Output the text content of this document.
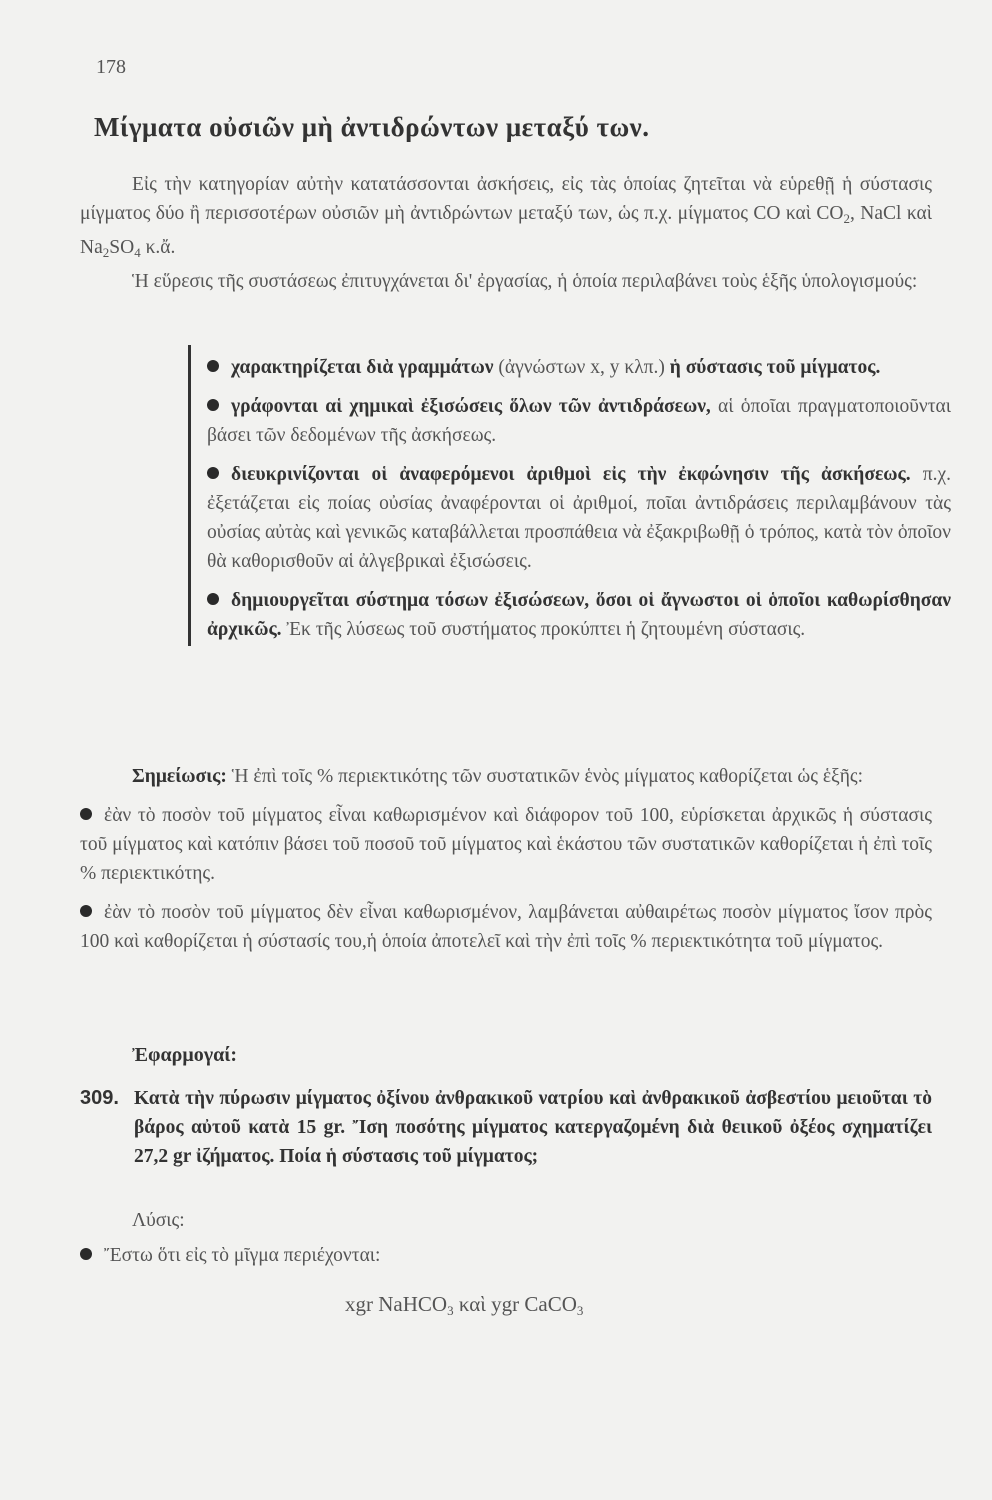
178
Μίγματα οὐσιῶν μὴ ἀντιδρώντων μεταξύ των.

Εἰς τὴν κατηγορίαν αὐτὴν κατατάσσονται ἀσκήσεις, εἰς τὰς ὁποίας ζητεῖται νὰ εὑρεθῇ ἡ σύστασις μίγματος δύο ἢ περισσοτέρων οὐσιῶν μὴ ἀντιδρώντων μεταξύ των, ὡς π.χ. μίγματος CO καὶ $CO_2$, NaCl καὶ $Na_2SO_4$ κ.ἄ.

Ἡ εὕρεσις τῆς συστάσεως ἐπιτυγχάνεται δι' ἐργασίας, ἡ ὁποία περιλαβάνει τοὺς ἑξῆς ὑπολογισμούς:

χαρακτηρίζεται διὰ γραμμάτων (ἀγνώστων x, y κλπ.) ἡ σύστασις τοῦ μίγματος.

γράφονται αἱ χημικαὶ ἐξισώσεις ὅλων τῶν ἀντιδράσεων, αἱ ὁποῖαι πραγματοποιοῦνται βάσει τῶν δεδομένων τῆς ἀσκήσεως.

διευκρινίζονται οἱ ἀναφερόμενοι ἀριθμοὶ εἰς τὴν ἐκφώνησιν τῆς ἀσκήσεως. π.χ. ἐξετάζεται εἰς ποίας οὐσίας ἀναφέρονται οἱ ἀριθμοί, ποῖαι ἀντιδράσεις περιλαμβάνουν τὰς οὐσίας αὐτὰς καὶ γενικῶς καταβάλλεται προσπάθεια νὰ ἐξακριβωθῇ ὁ τρόπος, κατὰ τὸν ὁποῖον θὰ καθορισθοῦν αἱ ἀλγεβρικαὶ ἐξισώσεις.

δημιουργεῖται σύστημα τόσων ἐξισώσεων, ὅσοι οἱ ἄγνωστοι οἱ ὁποῖοι καθωρίσθησαν ἀρχικῶς. Ἐκ τῆς λύσεως τοῦ συστήματος προκύπτει ἡ ζητουμένη σύστασις.

Σημείωσις: Ἡ ἐπὶ τοῖς % περιεκτικότης τῶν συστατικῶν ἑνὸς μίγματος καθορίζεται ὡς ἑξῆς:

ἐὰν τὸ ποσὸν τοῦ μίγματος εἶναι καθωρισμένον καὶ διάφορον τοῦ 100, εὑρίσκεται ἀρχικῶς ἡ σύστασις τοῦ μίγματος καὶ κατόπιν βάσει τοῦ ποσοῦ τοῦ μίγματος καὶ ἑκάστου τῶν συστατικῶν καθορίζεται ἡ ἐπὶ τοῖς % περιεκτικότης.

ἐὰν τὸ ποσὸν τοῦ μίγματος δὲν εἶναι καθωρισμένον, λαμβάνεται αὐθαιρέτως ποσὸν μίγματος ἴσον πρὸς 100 καὶ καθορίζεται ἡ σύστασίς του,ἡ ὁποία ἀποτελεῖ καὶ τὴν ἐπὶ τοῖς % περιεκτικότητα τοῦ μίγματος.

Ἐφαρμογαί:
309. Κατὰ τὴν πύρωσιν μίγματος ὀξίνου ἀνθρακικοῦ νατρίου καὶ ἀνθρακικοῦ ἀσβεστίου μειοῦται τὸ βάρος αὐτοῦ κατὰ 15 gr. Ἴση ποσότης μίγματος κατεργαζομένη διὰ θειικοῦ ὀξέος σχηματίζει 27,2 gr ἰζήματος. Ποία ἡ σύστασις τοῦ μίγματος;
Λύσις:
Ἔστω ὅτι εἰς τὸ μῖγμα περιέχονται:
xgr NaHCO$_3$ καὶ ygr CaCO$_3$
